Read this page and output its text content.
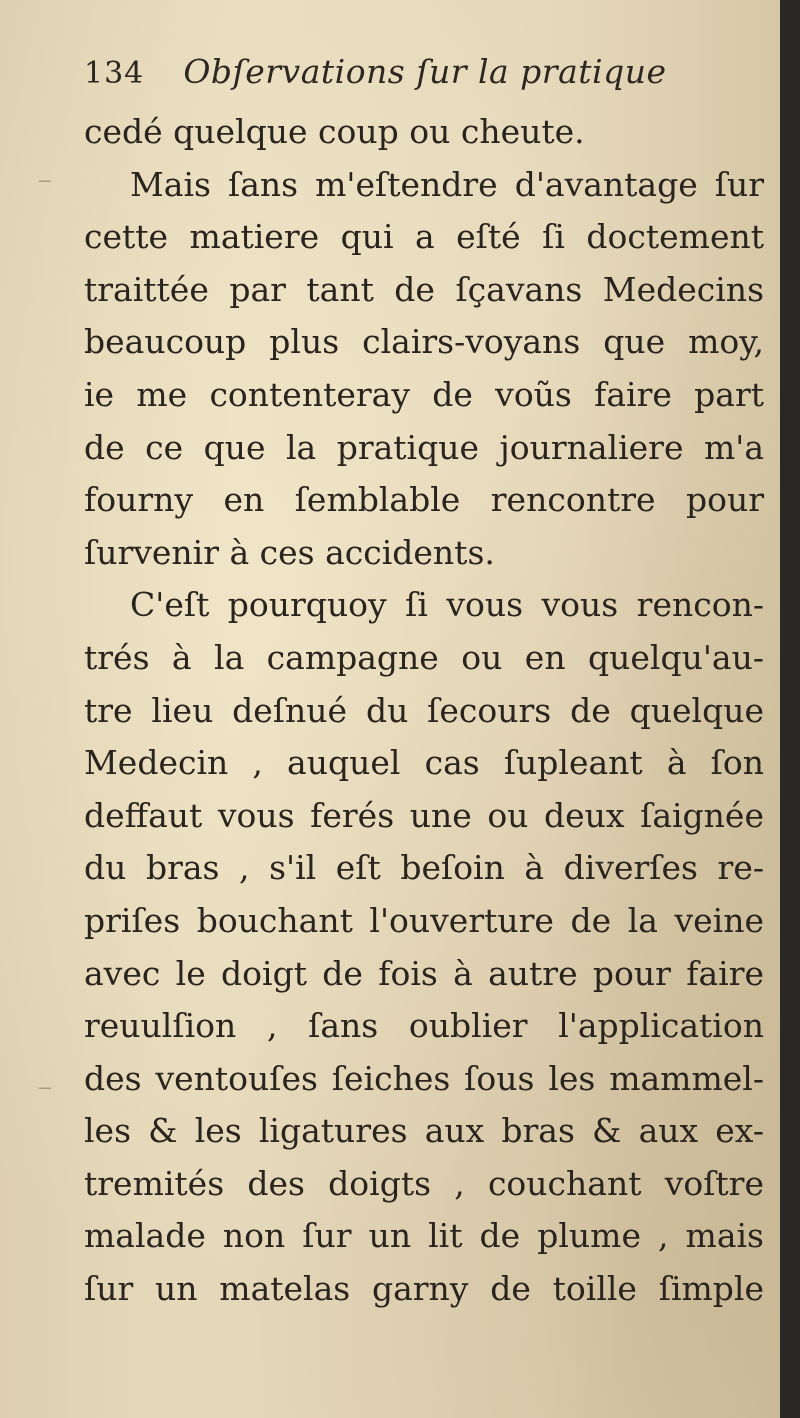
134 Obſervations ſur la pratique
cedé quelque coup ou cheute.
Mais ſans m'eſtendre d'avantage ſur
cette matiere qui a eſté ſi doctement
traittée par tant de ſçavans Medecins
beaucoup plus clairs-voyans que moy,
ie me contenteray de voũs faire part
de ce que la pratique journaliere m'a
fourny en ſemblable rencontre pour
ſurvenir à ces accidents.
C'eſt pourquoy ſi vous vous rencon-
trés à la campagne ou en quelqu'au-
tre lieu deſnué du ſecours de quelque
Medecin , auquel cas ſupleant à ſon
deffaut vous ferés une ou deux ſaignée
du bras , s'il eſt beſoin à diverſes re-
priſes bouchant l'ouverture de la veine
avec le doigt de fois à autre pour faire
reuulſion , ſans oublier l'application
des ventouſes ſeiches ſous les mammel-
les & les ligatures aux bras & aux ex-
tremités des doigts , couchant voſtre
malade non ſur un lit de plume , mais
ſur un matelas garny de toille ſimple
‒
‒
